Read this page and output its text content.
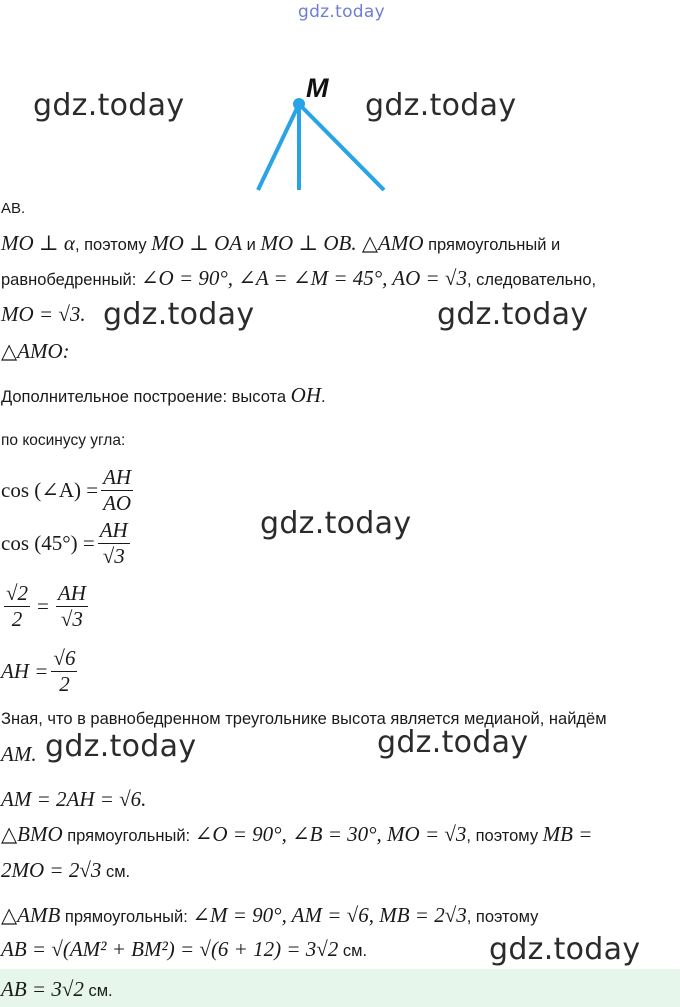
gdz.today
gdz.today	gdz.today
gdz.today	gdz.today
gdz.today
gdz.today	gdz.today
M
AB.
MO ⊥ α, поэтому MO ⊥ OA и MO ⊥ OB. △AMO прямоугольный и
равнобедренный: ∠O = 90°, ∠A = ∠M = 45°, AO = √3, следовательно,
MO = √3.
△AMO:
Дополнительное построение: высота OH.
по косинусу угла:
cos (∠A) = $\frac{AH}{AO}$
$\cos (45^\circ) = \frac{AH}{√3}$
$\frac{√2}{2} = \frac{AH}{√3}$
AH = $\frac{√6}{2}$
Зная, что в равнобедренном треугольнике высота является медианой, найдём
AM.
AM = 2AH = √6.
△BMO прямоугольный: ∠O = 90°, ∠B = 30°, MO = √3, поэтому MB =
2MO = 2√3 см.
△AMB прямоугольный: ∠M = 90°, AM = √6, MB = 2√3, поэтому
AB = √(AM² + BM²) = √(6 + 12) = 3√2 см.	gdz.today
AB = 3√2 см.
